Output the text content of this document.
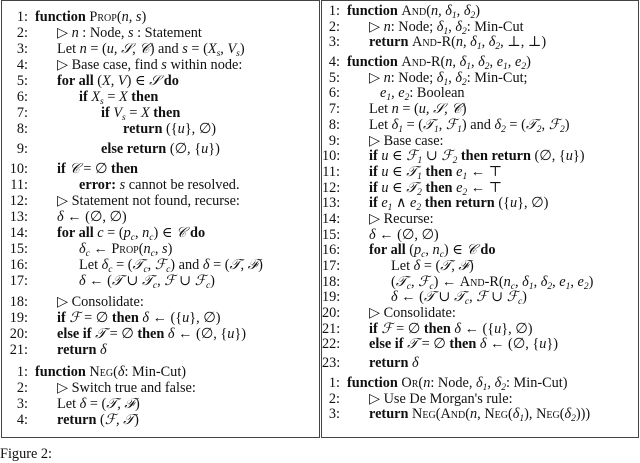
1: function Prop(n, s)
2: ▷ n : Node, s : Statement
3: Let n = (u, 𝒮, 𝒞) and $s = (X_s$, $V_s$)
4: ▷ Base case, find s within node:
5: for all (X, V) ∈ 𝒮 do
6:	if $X_s = X$ then
7:	if $V_s = X$ then
8:	return ({u}, ∅)
9:	else return (∅, {u})
10: if 𝒞 = ∅ then
11:	error: s cannot be resolved.
12: ▷ Statement not found, recurse:
13: δ ← (∅, ∅)
14: for all $c = (p_c$, $n_c$) ∈ 𝒞 do
15:	$\delta_c$ ← $Prop(n_c$, s)
16:	Let $\delta_c$ = (𝒯$_c$, ℱ$_c$) and δ = (𝒯, ℱ)
17:	δ ← (𝒯 ∪ 𝒯$_c$, ℱ ∪ ℱ$_c$)
18: ▷ Consolidate:
19: if ℱ = ∅ then δ ← ({u}, ∅)
20: else if 𝒯 = ∅ then δ ← (∅, {u})
21: return δ
1: function Neg(δ: Min-Cut)
2: ▷ Switch true and false:
3: Let δ = (𝒯, ℱ)
4: return (ℱ, 𝒯)
1: function And(n, $\delta_1$, $\delta_2$)
2: ▷ n: Node; $\delta_1$, $\delta_2$: Min-Cut
3: return And-R(n, $\delta_1$, $\delta_2$, ⊥, ⊥)
4: function And-R(n, $\delta_1$, $\delta_2$, $e_1$, $e_2$)
5: ▷ n: Node; $\delta_1$, $\delta_2$: Min-Cut;
6:	$e_1$, $e_2$: Boolean
7: Let n = (u, 𝒮, 𝒞)
8: Let $\delta_1$ = (𝒯$_1$, ℱ$_1$) and $\delta_2$ = (𝒯$_2$, ℱ$_2$)
9: ▷ Base case:
10: if u ∈ ℱ$_1$ ∪ ℱ$_2$ then return (∅, {u})
11: if u ∈ 𝒯$_1$ then $e_1$ ← ⊤
12: if u ∈ 𝒯$_2$ then $e_2$ ← ⊤
13: if $e_1$ ∧ $e_2$ then return ({u}, ∅)
14: ▷ Recurse:
15: δ ← (∅, ∅)
16: for all ($p_c$, $n_c$) ∈ 𝒞 do
17:	Let δ = (𝒯, ℱ)
18:	(𝒯$_c$, ℱ$_c$) ← And-$R(n_c$, $\delta_1$, $\delta_2$, $e_1$, $e_2$)
19:	δ ← (𝒯 ∪ 𝒯$_c$, ℱ ∪ ℱ$_c$)
20: ▷ Consolidate:
21: if ℱ = ∅ then δ ← ({u}, ∅)
22: else if 𝒯 = ∅ then δ ← (∅, {u})
23: return δ
1: function Or(n: Node, $\delta_1$, $\delta_2$: Min-Cut)
2: ▷ Use De Morgan's rule:
3: return Neg(And(n, $Neg(\delta_1)$, $Neg(\delta_2)$))
Figure 2:
